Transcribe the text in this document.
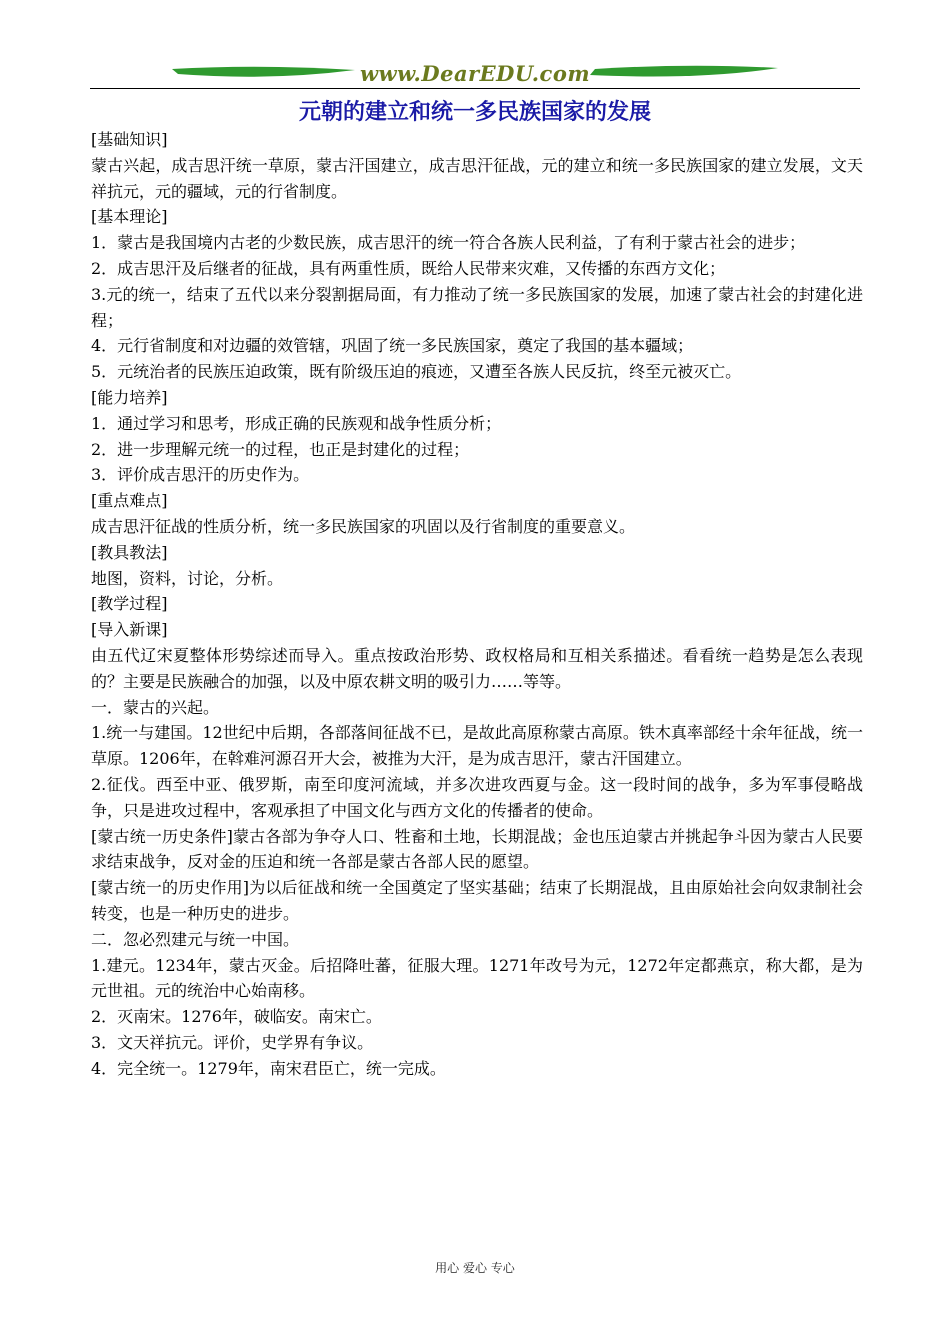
www.DearEDU.com
元朝的建立和统一多民族国家的发展

[基础知识]

蒙古兴起，成吉思汗统一草原，蒙古汗国建立，成吉思汗征战，元的建立和统一多民族国家的建立发展，文天祥抗元，元的疆域，元的行省制度。

[基本理论]

1．蒙古是我国境内古老的少数民族，成吉思汗的统一符合各族人民利益，了有利于蒙古社会的进步；

2．成吉思汗及后继者的征战，具有两重性质，既给人民带来灾难，又传播的东西方文化；

3.元的统一，结束了五代以来分裂割据局面，有力推动了统一多民族国家的发展，加速了蒙古社会的封建化进程；

4．元行省制度和对边疆的效管辖，巩固了统一多民族国家，奠定了我国的基本疆域；

5．元统治者的民族压迫政策，既有阶级压迫的痕迹，又遭至各族人民反抗，终至元被灭亡。

[能力培养]

1．通过学习和思考，形成正确的民族观和战争性质分析；

2．进一步理解元统一的过程，也正是封建化的过程；

3．评价成吉思汗的历史作为。

[重点难点]

成吉思汗征战的性质分析，统一多民族国家的巩固以及行省制度的重要意义。

[教具教法]

地图，资料，讨论，分析。

[教学过程]

[导入新课]

由五代辽宋夏整体形势综述而导入。重点按政治形势、政权格局和互相关系描述。看看统一趋势是怎么表现的？主要是民族融合的加强，以及中原农耕文明的吸引力……等等。

一．蒙古的兴起。

1.统一与建国。12世纪中后期，各部落间征战不已，是故此高原称蒙古高原。铁木真率部经十余年征战，统一草原。1206年，在斡难河源召开大会，被推为大汗，是为成吉思汗，蒙古汗国建立。

2.征伐。西至中亚、俄罗斯，南至印度河流域，并多次进攻西夏与金。这一段时间的战争，多为军事侵略战争，只是进攻过程中，客观承担了中国文化与西方文化的传播者的使命。

[蒙古统一历史条件]蒙古各部为争夺人口、牲畜和土地，长期混战；金也压迫蒙古并挑起争斗因为蒙古人民要求结束战争，反对金的压迫和统一各部是蒙古各部人民的愿望。

[蒙古统一的历史作用]为以后征战和统一全国奠定了坚实基础；结束了长期混战，且由原始社会向奴隶制社会转变，也是一种历史的进步。

二．忽必烈建元与统一中国。

1.建元。1234年，蒙古灭金。后招降吐蕃，征服大理。1271年改号为元，1272年定都燕京，称大都，是为元世祖。元的统治中心始南移。

2．灭南宋。1276年，破临安。南宋亡。

3．文天祥抗元。评价，史学界有争议。

4．完全统一。1279年，南宋君臣亡，统一完成。

用心 爱心 专心
